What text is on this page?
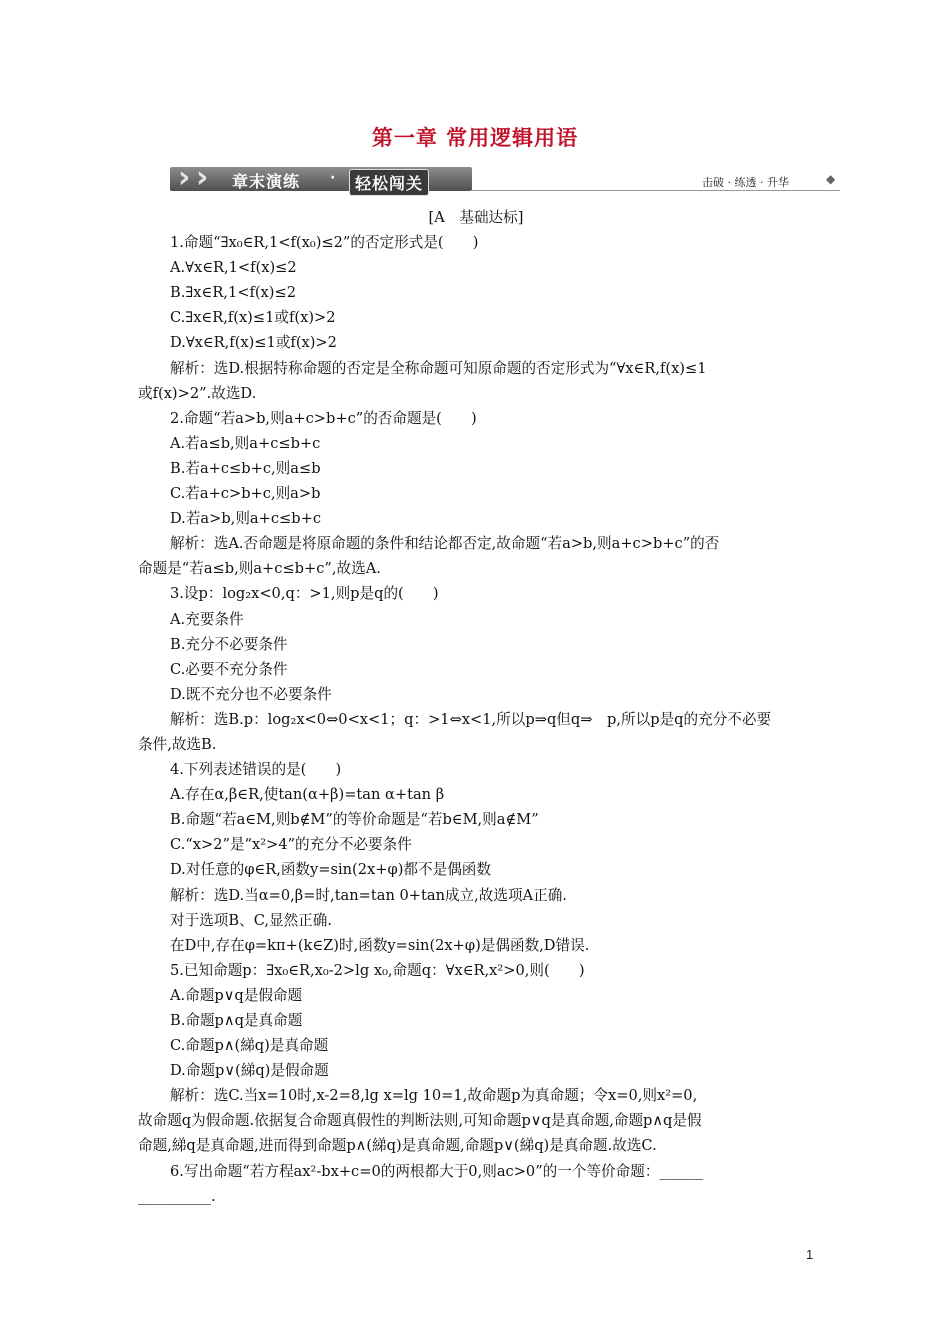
第一章 常用逻辑用语
› › 章末演练 ·	轻松闯关	击破 · 练透 · 升华	◆
[A　基础达标]
1.命题“∃x₀∈R,1<f(x₀)≤2”的否定形式是(　　)
A.∀x∈R,1<f(x)≤2
B.∃x∈R,1<f(x)≤2
C.∃x∈R,f(x)≤1或f(x)>2
D.∀x∈R,f(x)≤1或f(x)>2
解析：选D.根据特称命题的否定是全称命题可知原命题的否定形式为“∀x∈R,f(x)≤1
或f(x)>2”.故选D.
2.命题“若a>b,则a+c>b+c”的否命题是(　　)
A.若a≤b,则a+c≤b+c
B.若a+c≤b+c,则a≤b
C.若a+c>b+c,则a>b
D.若a>b,则a+c≤b+c
解析：选A.否命题是将原命题的条件和结论都否定,故命题“若a>b,则a+c>b+c”的否
命题是“若a≤b,则a+c≤b+c”,故选A.
3.设p：log₂x<0,q：>1,则p是q的(　　)
A.充要条件
B.充分不必要条件
C.必要不充分条件
D.既不充分也不必要条件
解析：选B.p：log₂x<0⇔0<x<1；q：>1⇔x<1,所以p⇒q但q⇒　p,所以p是q的充分不必要
条件,故选B.
4.下列表述错误的是(　　)
A.存在α,β∈R,使tan(α+β)=tan α+tan β
B.命题“若a∈M,则b∉M”的等价命题是“若b∈M,则a∉M”
C.“x>2”是“x²>4”的充分不必要条件
D.对任意的φ∈R,函数y=sin(2x+φ)都不是偶函数
解析：选D.当α=0,β=时,tan=tan 0+tan成立,故选项A正确.
对于选项B、C,显然正确.
在D中,存在φ=kπ+(k∈Z)时,函数y=sin(2x+φ)是偶函数,D错误.
5.已知命题p：∃x₀∈R,x₀-2>lg x₀,命题q：∀x∈R,x²>0,则(　　)
A.命题p∨q是假命题
B.命题p∧q是真命题
C.命题p∧(綈q)是真命题
D.命题p∨(綈q)是假命题
解析：选C.当x=10时,x-2=8,lg x=lg 10=1,故命题p为真命题；令x=0,则x²=0,
故命题q为假命题.依据复合命题真假性的判断法则,可知命题p∨q是真命题,命题p∧q是假
命题,綈q是真命题,进而得到命题p∧(綈q)是真命题,命题p∨(綈q)是真命题.故选C.
6.写出命题“若方程ax²-bx+c=0的两根都大于0,则ac>0”的一个等价命题：______
__________.
1
